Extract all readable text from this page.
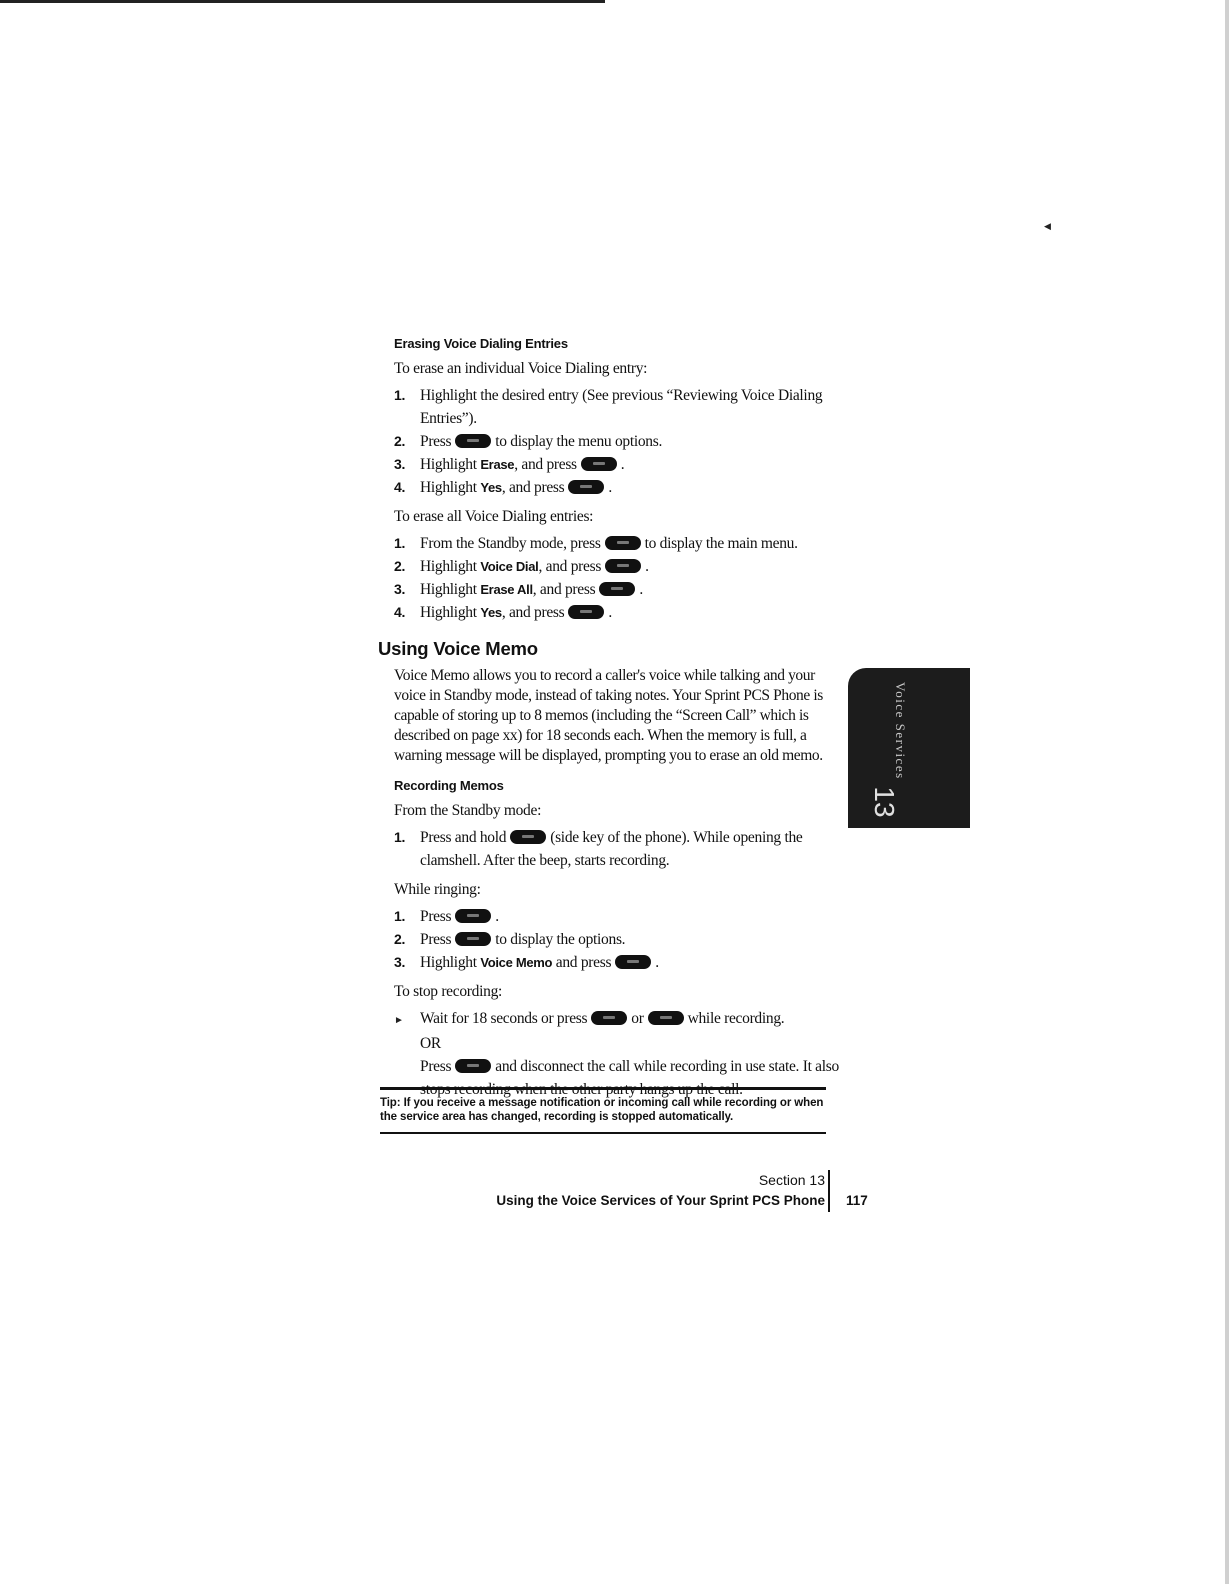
◀
Erasing Voice Dialing Entries
To erase an individual Voice Dialing entry:
1. Highlight the desired entry (See previous “Reviewing Voice Dialing Entries”).
2. Press	to display the menu options.
3. Highlight Erase, and press	.
4. Highlight Yes, and press	.
To erase all Voice Dialing entries:
1. From the Standby mode, press	to display the main menu.
2. Highlight Voice Dial, and press	.
3. Highlight Erase All, and press	.
4. Highlight Yes, and press	.
Using Voice Memo
Voice Memo allows you to record a caller's voice while talking and your voice in Standby mode, instead of taking notes. Your Sprint PCS Phone is capable of storing up to 8 memos (including the “Screen Call” which is described on page xx) for 18 seconds each. When the memory is full, a warning message will be displayed, prompting you to erase an old memo.
Recording Memos
From the Standby mode:
1. Press and hold	(side key of the phone). While opening the clamshell. After the beep, starts recording.
While ringing:
1. Press	.
2. Press	to display the options.
3. Highlight Voice Memo and press	.
To stop recording:
►	Wait for 18 seconds or press	or	while recording.
OR
Press	and disconnect the call while recording in use state. It also stops recording when the other party hangs up the call.
Tip: If you receive a message notification or incoming call while recording or when the service area has changed, recording is stopped automatically.
Voice Services
13
Section 13
Using the Voice Services of Your Sprint PCS Phone 117
